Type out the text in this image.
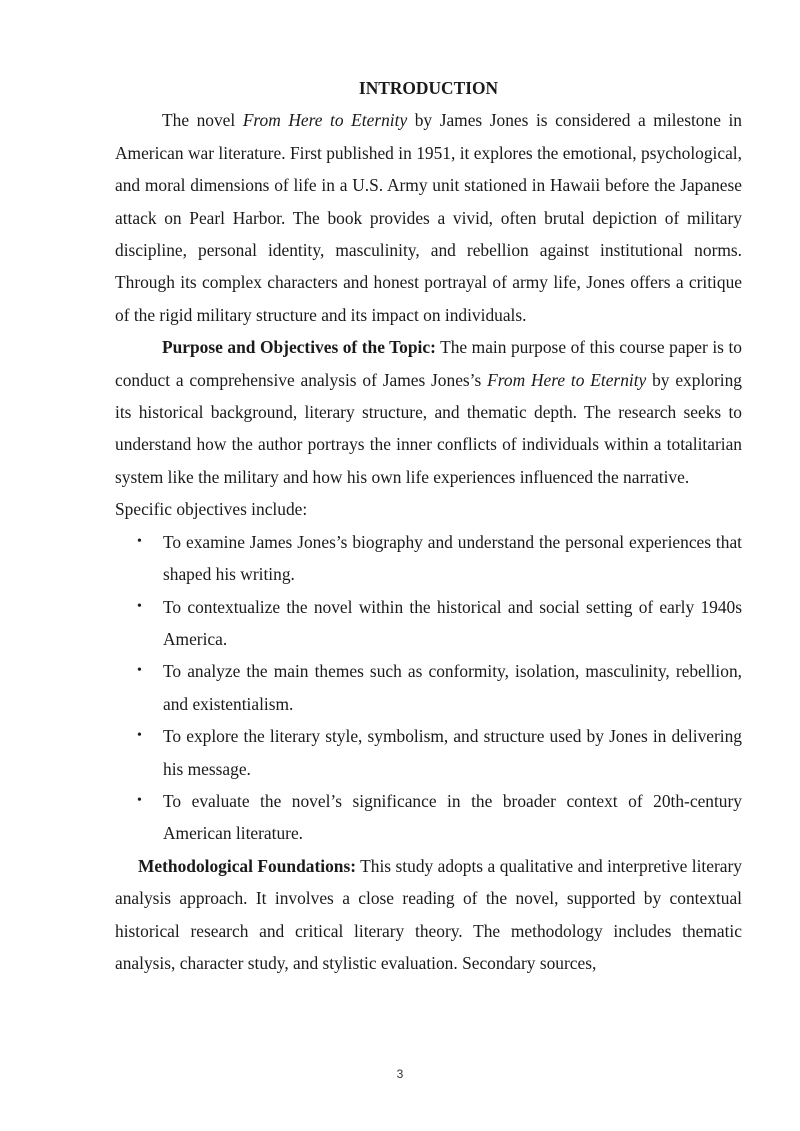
INTRODUCTION

The novel From Here to Eternity by James Jones is considered a milestone in American war literature. First published in 1951, it explores the emotional, psychological, and moral dimensions of life in a U.S. Army unit stationed in Hawaii before the Japanese attack on Pearl Harbor. The book provides a vivid, often brutal depiction of military discipline, personal identity, masculinity, and rebellion against institutional norms. Through its complex characters and honest portrayal of army life, Jones offers a critique of the rigid military structure and its impact on individuals.

Purpose and Objectives of the Topic: The main purpose of this course paper is to conduct a comprehensive analysis of James Jones’s From Here to Eternity by exploring its historical background, literary structure, and thematic depth. The research seeks to understand how the author portrays the inner conflicts of individuals within a totalitarian system like the military and how his own life experiences influenced the narrative.

Specific objectives include:

• To examine James Jones’s biography and understand the personal experiences that shaped his writing.
• To contextualize the novel within the historical and social setting of early 1940s America.
• To analyze the main themes such as conformity, isolation, masculinity, rebellion, and existentialism.
• To explore the literary style, symbolism, and structure used by Jones in delivering his message.
• To evaluate the novel’s significance in the broader context of 20th-century American literature.

Methodological Foundations: This study adopts a qualitative and interpretive literary analysis approach. It involves a close reading of the novel, supported by contextual historical research and critical literary theory. The methodology includes thematic analysis, character study, and stylistic evaluation. Secondary sources,

3
